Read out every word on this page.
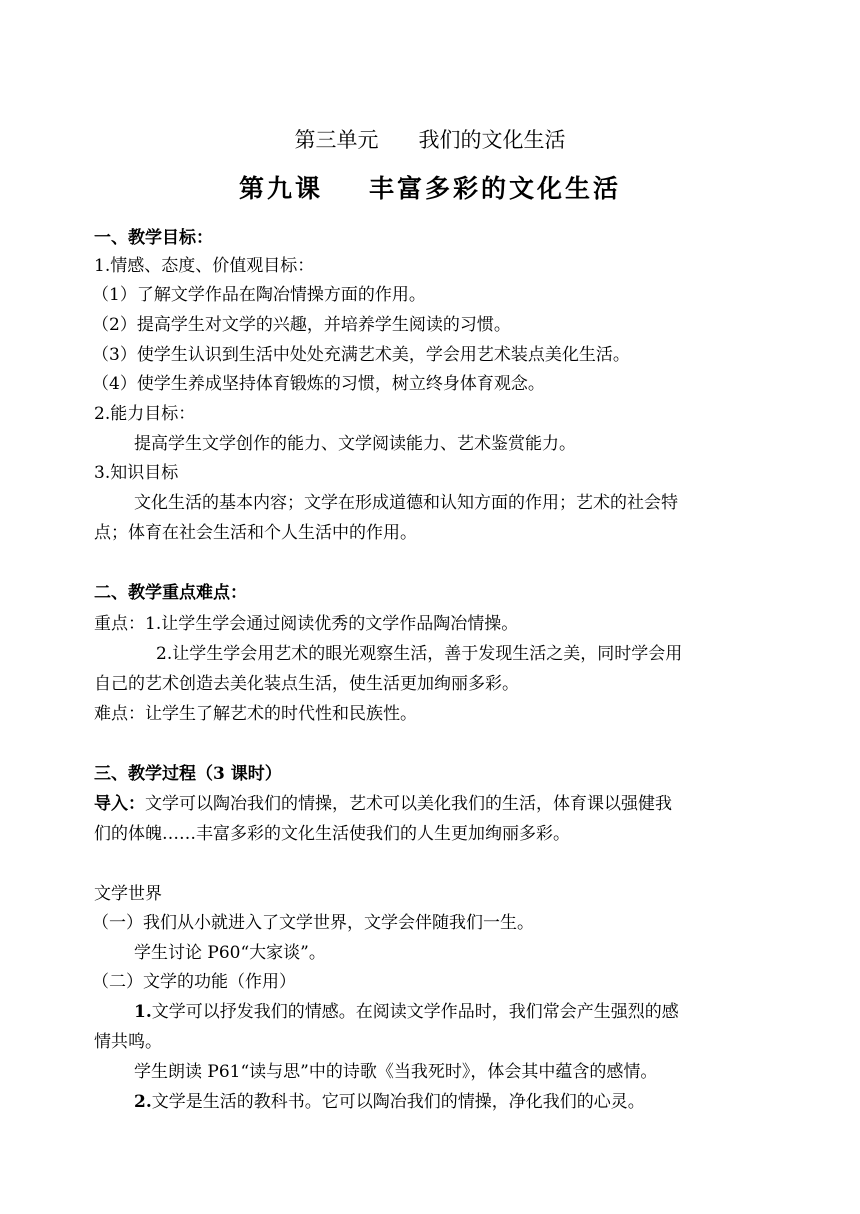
第三单元 我们的文化生活
第九课 丰富多彩的文化生活
一、教学目标：
1.情感、态度、价值观目标：
（1）了解文学作品在陶冶情操方面的作用。
（2）提高学生对文学的兴趣，并培养学生阅读的习惯。
（3）使学生认识到生活中处处充满艺术美，学会用艺术装点美化生活。
（4）使学生养成坚持体育锻炼的习惯，树立终身体育观念。
2.能力目标：
提高学生文学创作的能力、文学阅读能力、艺术鉴赏能力。
3.知识目标
文化生活的基本内容；文学在形成道德和认知方面的作用；艺术的社会特
点；体育在社会生活和个人生活中的作用。
二、教学重点难点：
重点：1.让学生学会通过阅读优秀的文学作品陶冶情操。
2.让学生学会用艺术的眼光观察生活，善于发现生活之美，同时学会用
自己的艺术创造去美化装点生活，使生活更加绚丽多彩。
难点：让学生了解艺术的时代性和民族性。
三、教学过程（3 课时）
导入：文学可以陶冶我们的情操，艺术可以美化我们的生活，体育课以强健我
们的体魄……丰富多彩的文化生活使我们的人生更加绚丽多彩。
文学世界
（一）我们从小就进入了文学世界，文学会伴随我们一生。
学生讨论 P60“大家谈”。
（二）文学的功能（作用）
1.文学可以抒发我们的情感。在阅读文学作品时，我们常会产生强烈的感
情共鸣。
学生朗读 P61“读与思”中的诗歌《当我死时》，体会其中蕴含的感情。
2.文学是生活的教科书。它可以陶冶我们的情操，净化我们的心灵。
